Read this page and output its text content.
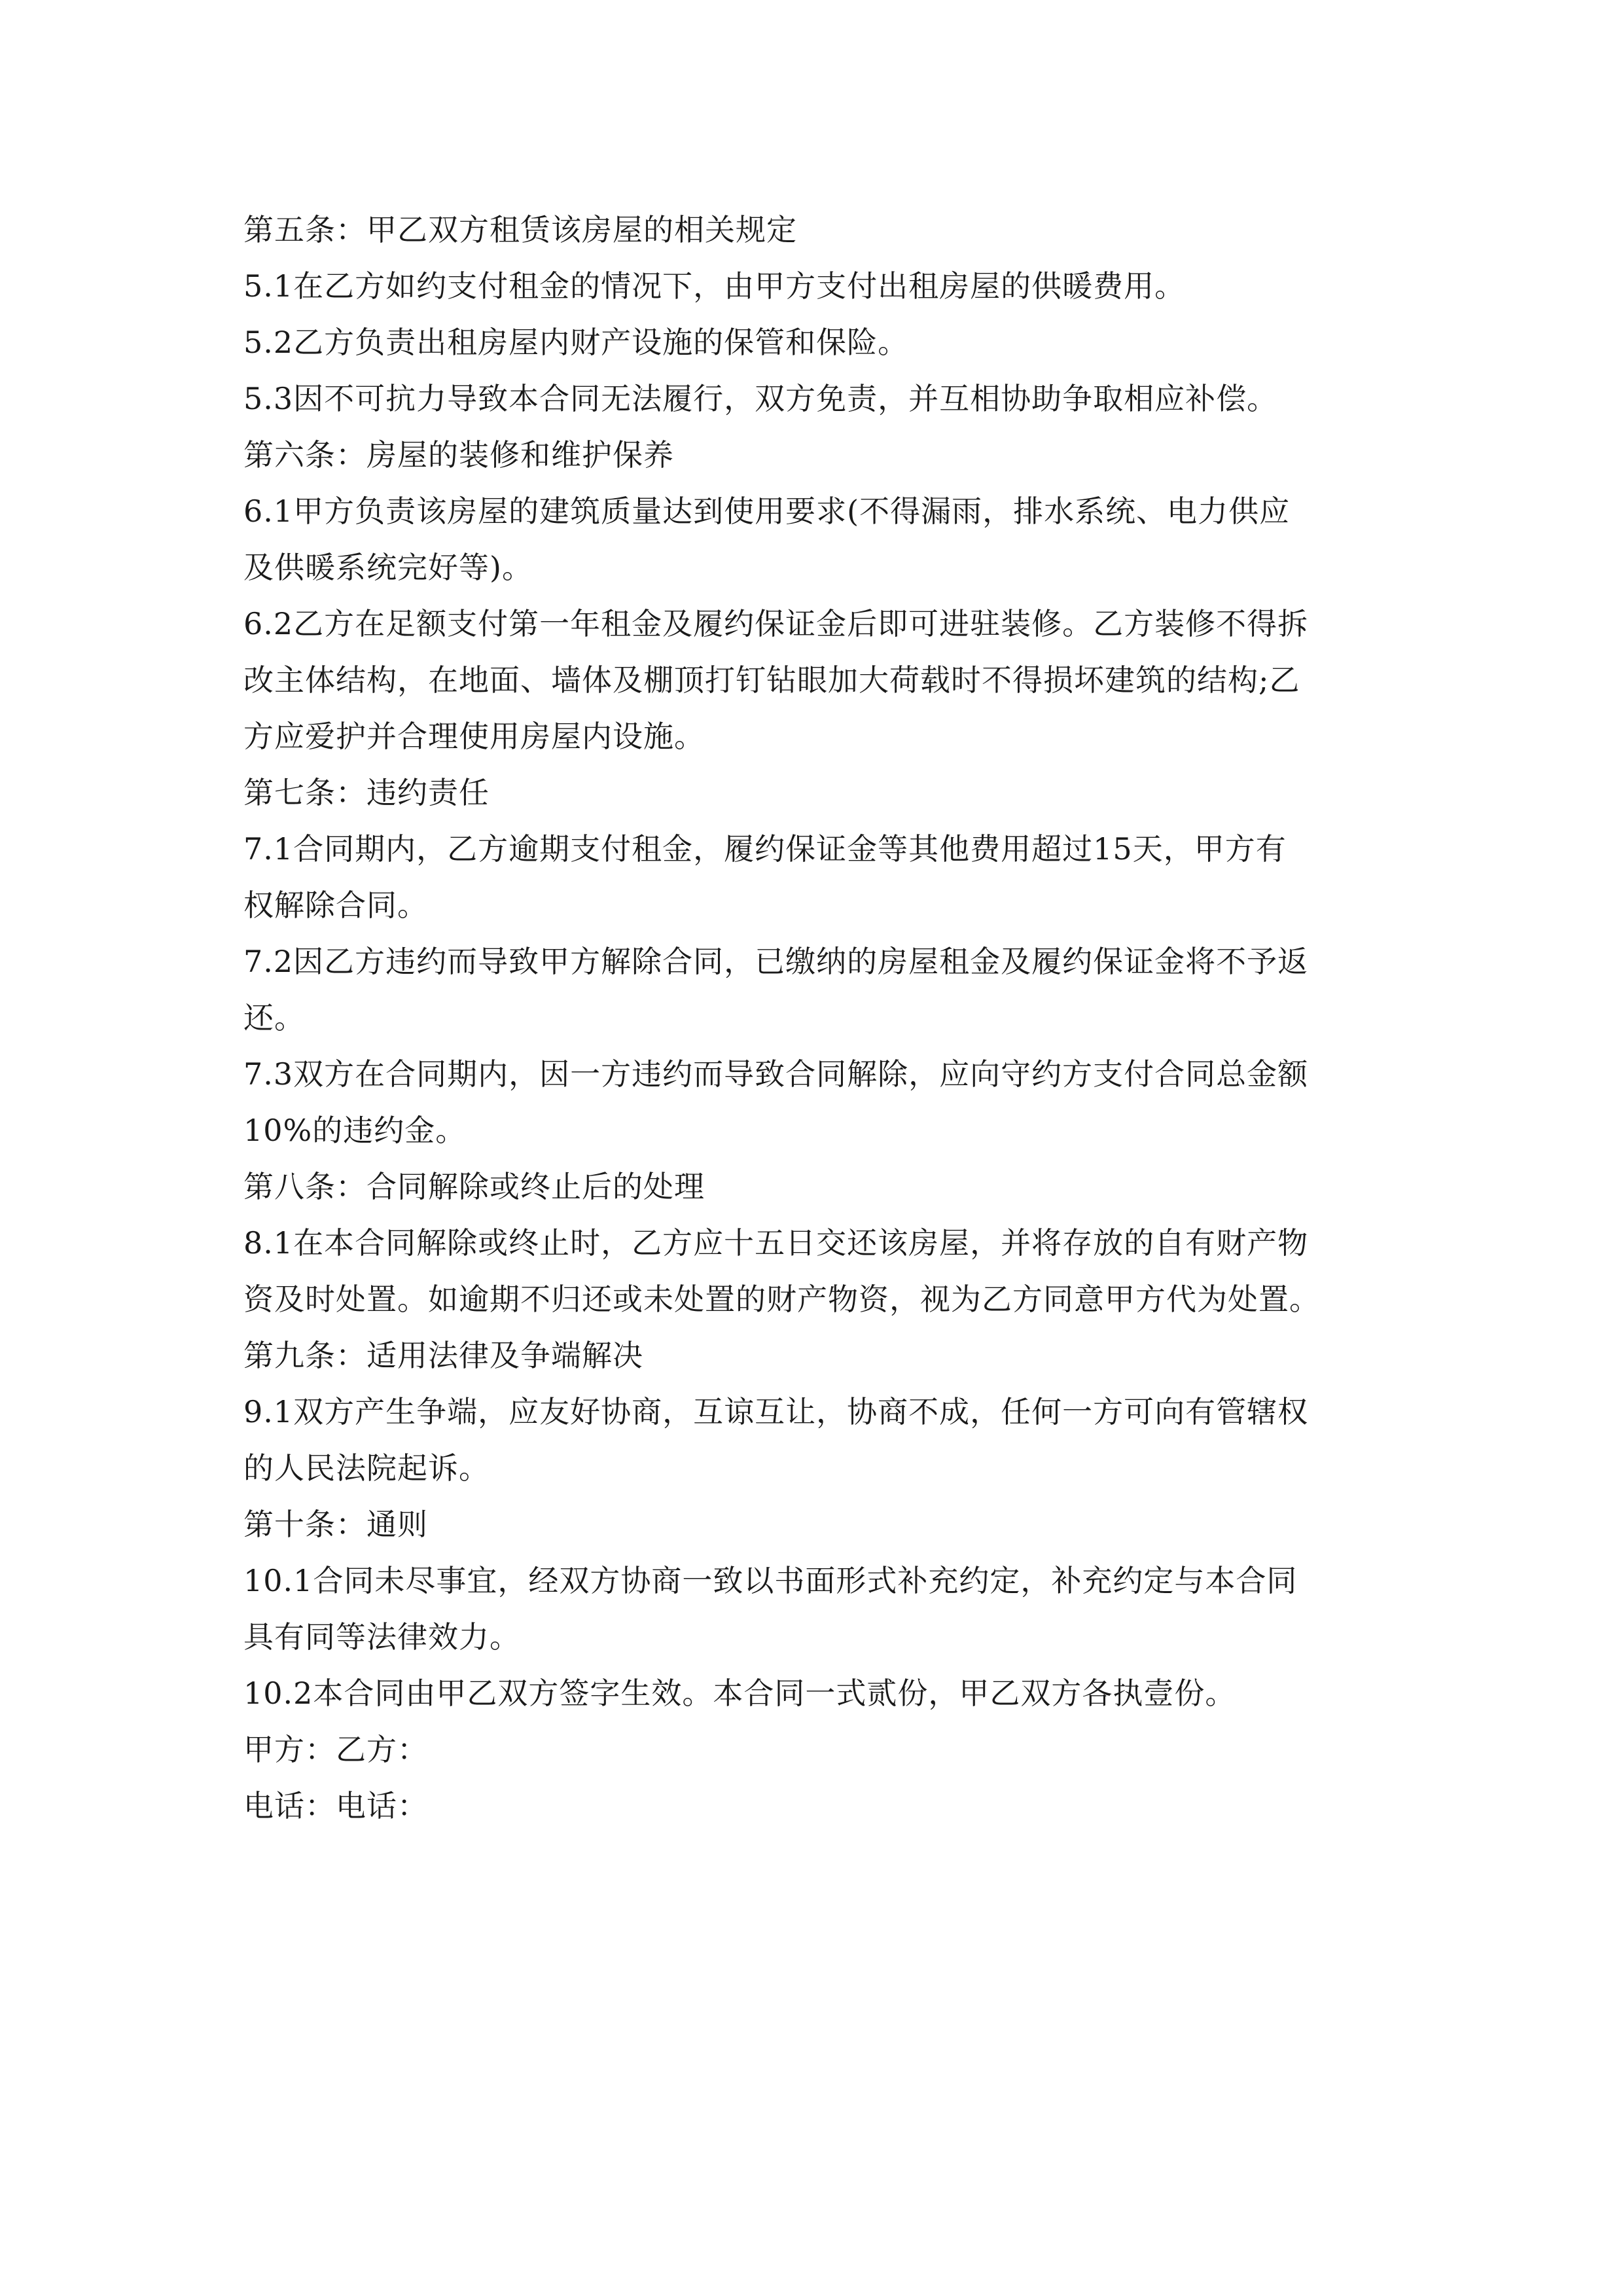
第五条：甲乙双方租赁该房屋的相关规定
5.1在乙方如约支付租金的情况下，由甲方支付出租房屋的供暖费用。
5.2乙方负责出租房屋内财产设施的保管和保险。
5.3因不可抗力导致本合同无法履行，双方免责，并互相协助争取相应补偿。
第六条：房屋的装修和维护保养
6.1甲方负责该房屋的建筑质量达到使用要求(不得漏雨，排水系统、电力供应
及供暖系统完好等)。
6.2乙方在足额支付第一年租金及履约保证金后即可进驻装修。乙方装修不得拆
改主体结构，在地面、墙体及棚顶打钉钻眼加大荷载时不得损坏建筑的结构;乙
方应爱护并合理使用房屋内设施。
第七条：违约责任
7.1合同期内，乙方逾期支付租金，履约保证金等其他费用超过15天，甲方有
权解除合同。
7.2因乙方违约而导致甲方解除合同，已缴纳的房屋租金及履约保证金将不予返
还。
7.3双方在合同期内，因一方违约而导致合同解除，应向守约方支付合同总金额
10%的违约金。
第八条：合同解除或终止后的处理
8.1在本合同解除或终止时，乙方应十五日交还该房屋，并将存放的自有财产物
资及时处置。如逾期不归还或未处置的财产物资，视为乙方同意甲方代为处置。
第九条：适用法律及争端解决
9.1双方产生争端，应友好协商，互谅互让，协商不成，任何一方可向有管辖权
的人民法院起诉。
第十条：通则
10.1合同未尽事宜，经双方协商一致以书面形式补充约定，补充约定与本合同
具有同等法律效力。
10.2本合同由甲乙双方签字生效。本合同一式贰份，甲乙双方各执壹份。
甲方：乙方：
电话：电话：
